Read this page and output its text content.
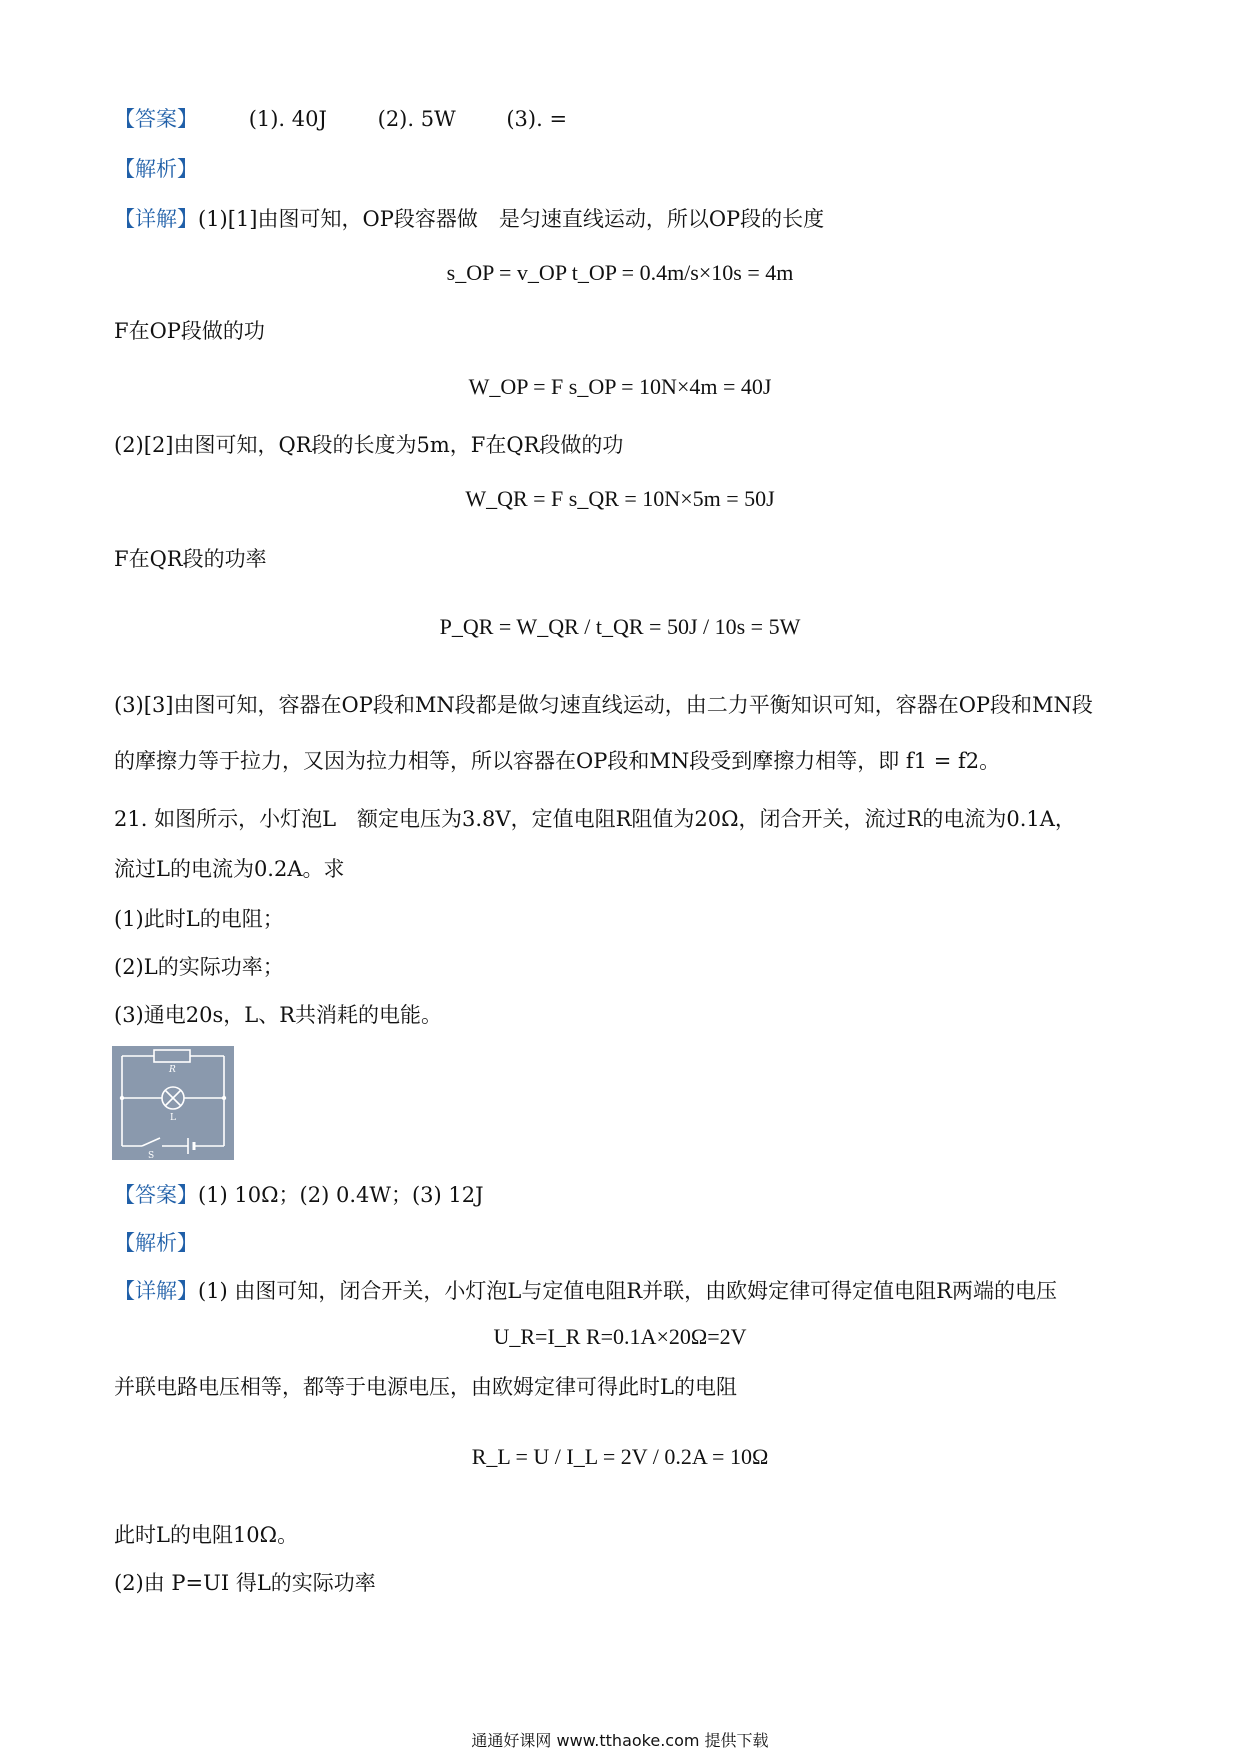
【答案】 (1). 40J (2). 5W (3). =
【解析】
【详解】(1)[1]由图可知，OP段容器做　是匀速直线运动，所以OP段的长度
s_OP = v_OP t_OP = 0.4m/s×10s = 4m
F在OP段做的功
W_OP = F s_OP = 10N×4m = 40J
(2)[2]由图可知，QR段的长度为5m，F在QR段做的功
W_QR = F s_QR = 10N×5m = 50J
F在QR段的功率
P_QR = W_QR / t_QR = 50J / 10s = 5W
(3)[3]由图可知，容器在OP段和MN段都是做匀速直线运动，由二力平衡知识可知，容器在OP段和MN段
的摩擦力等于拉力，又因为拉力相等，所以容器在OP段和MN段受到摩擦力相等，即 f1 = f2。
21. 如图所示，小灯泡L　额定电压为3.8V，定值电阻R阻值为20Ω，闭合开关，流过R的电流为0.1A，
流过L的电流为0.2A。求
(1)此时L的电阻；
(2)L的实际功率；
(3)通电20s，L、R共消耗的电能。
R
L
S
【答案】(1) 10Ω；(2) 0.4W；(3) 12J
【解析】
【详解】(1) 由图可知，闭合开关，小灯泡L与定值电阻R并联，由欧姆定律可得定值电阻R两端的电压
U_R=I_R R=0.1A×20Ω=2V
并联电路电压相等，都等于电源电压，由欧姆定律可得此时L的电阻
R_L = U / I_L = 2V / 0.2A = 10Ω
此时L的电阻10Ω。
(2)由 P=UI 得L的实际功率
通通好课网 www.tthaoke.com 提供下载
